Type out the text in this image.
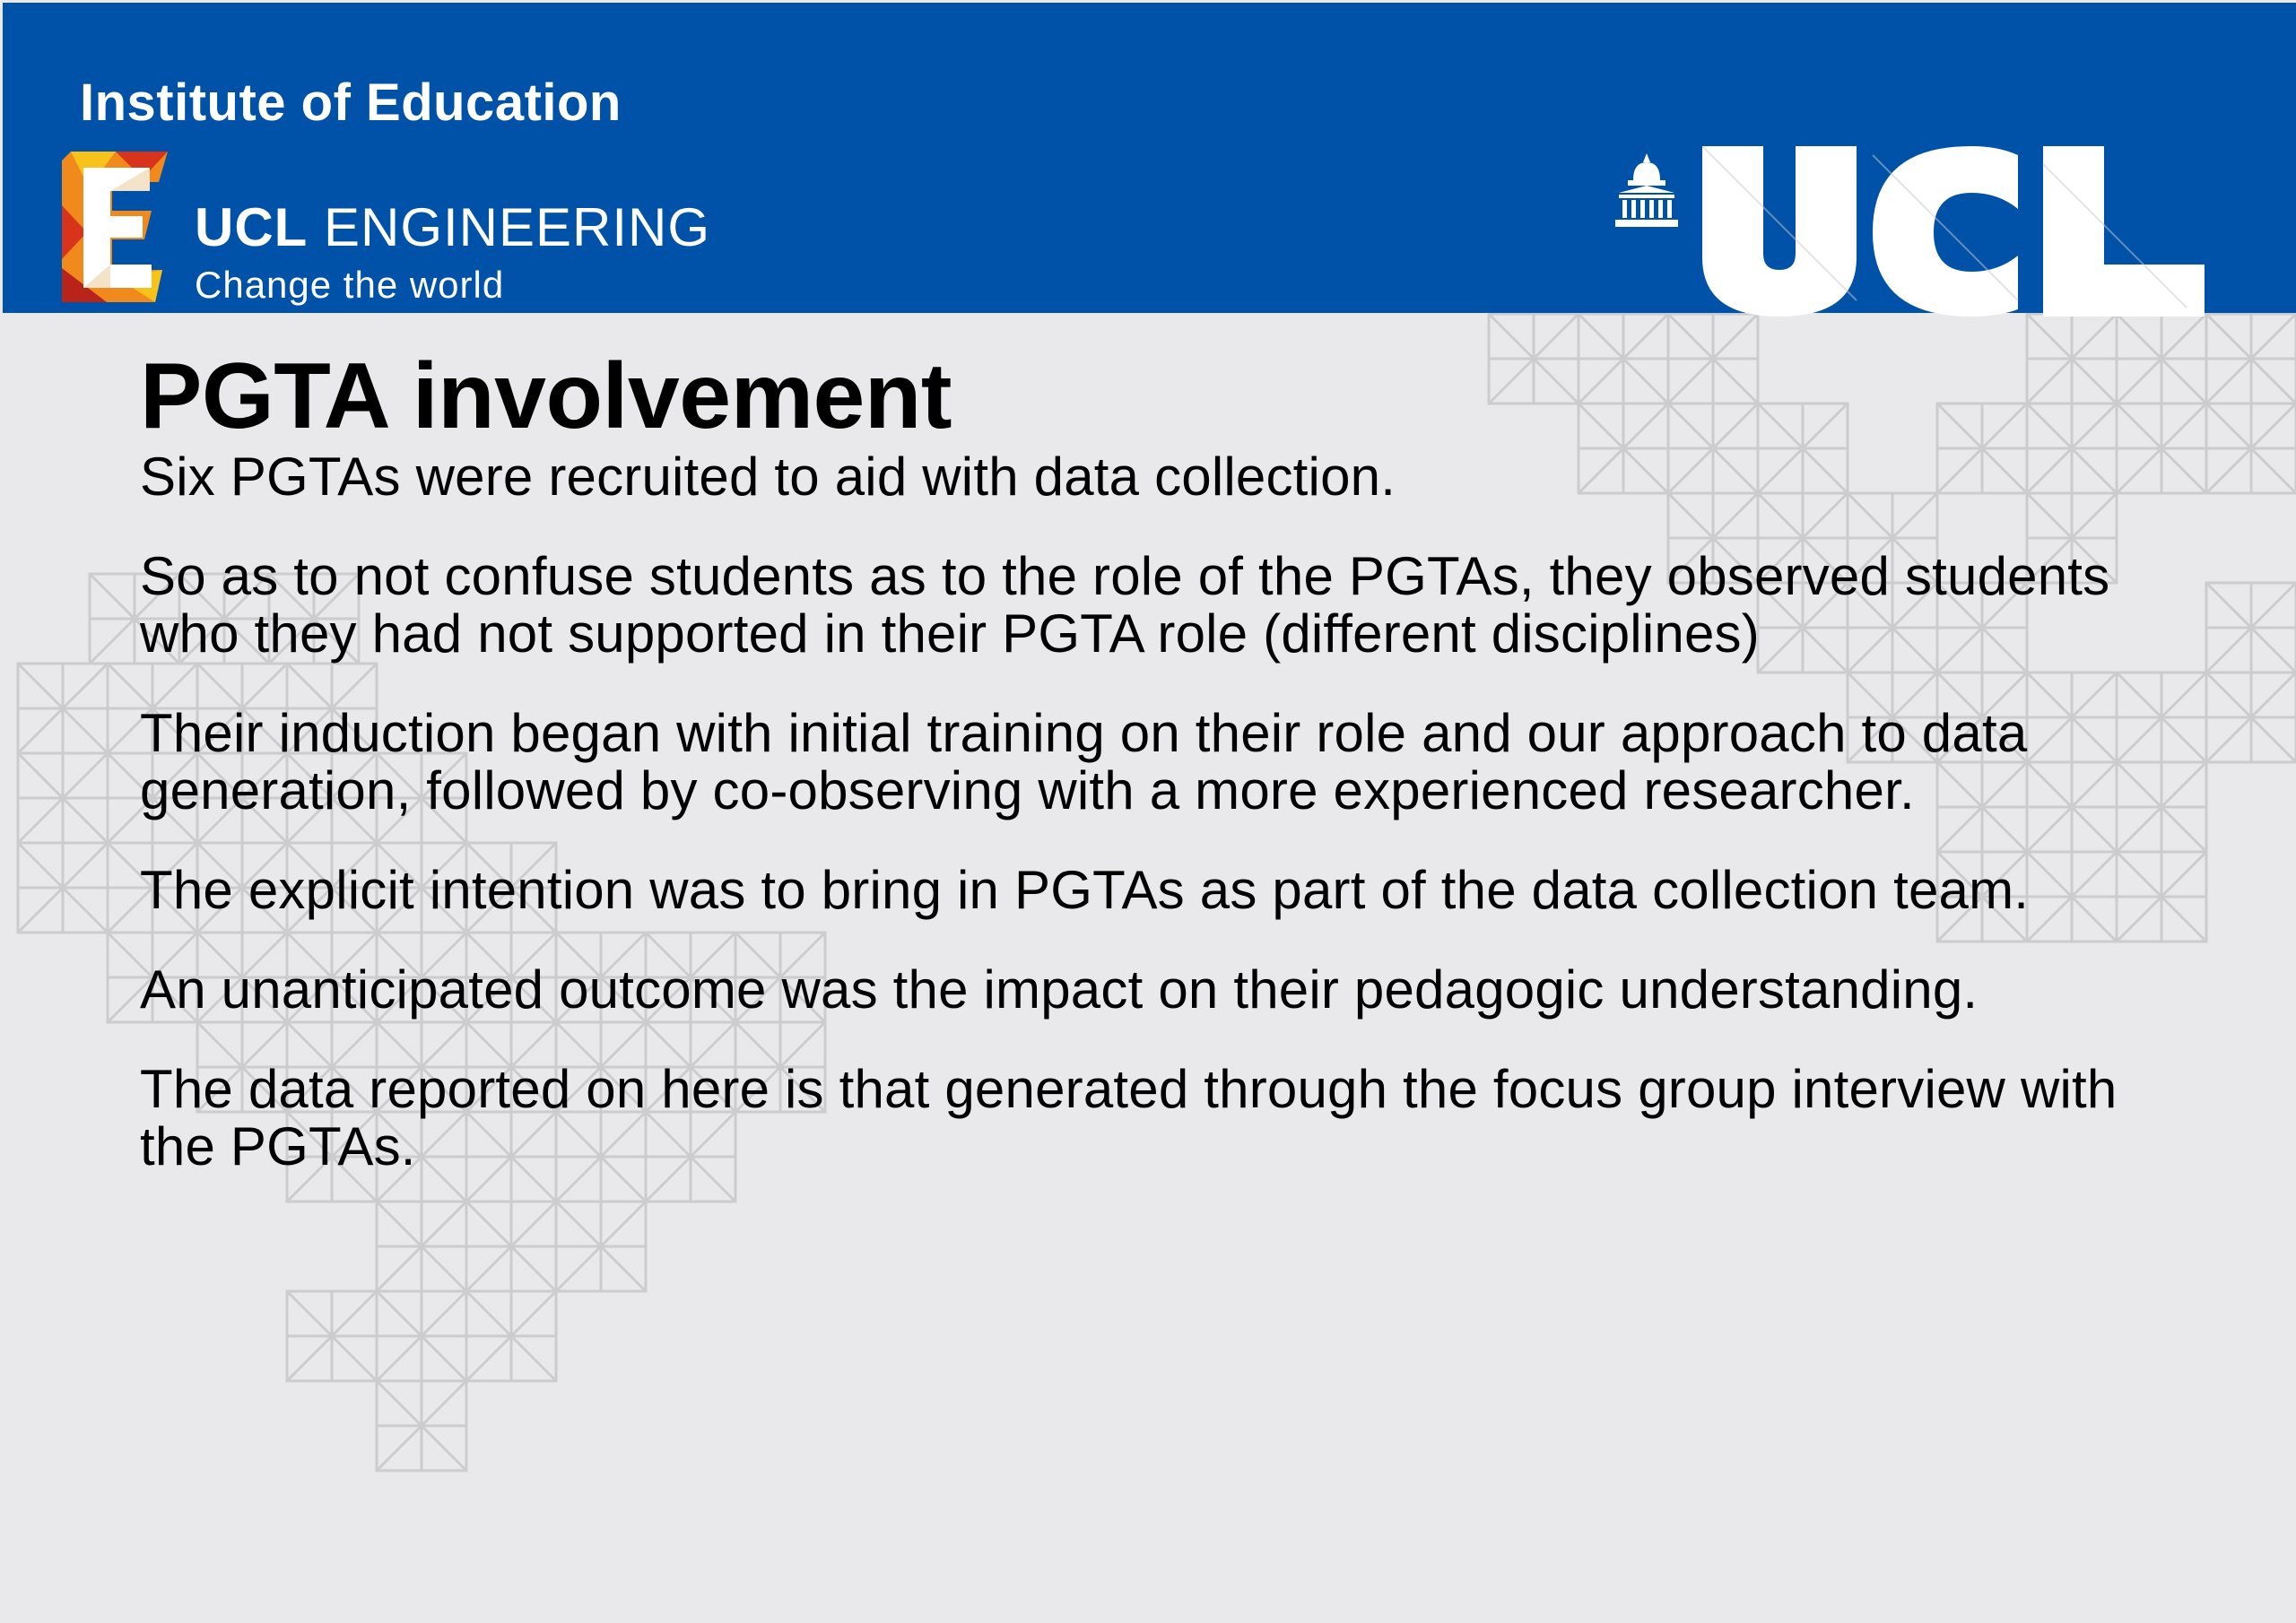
Institute of Education
UCL ENGINEERING
Change the world
PGTA involvement

Six PGTAs were recruited to aid with data collection.

So as to not confuse students as to the role of the PGTAs, they observed students who they had not supported in their PGTA role (different disciplines)

Their induction began with initial training on their role and our approach to data generation, followed by co-observing with a more experienced researcher.

The explicit intention was to bring in PGTAs as part of the data collection team.

An unanticipated outcome was the impact on their pedagogic understanding.

The data reported on here is that generated through the focus group interview with the PGTAs.
